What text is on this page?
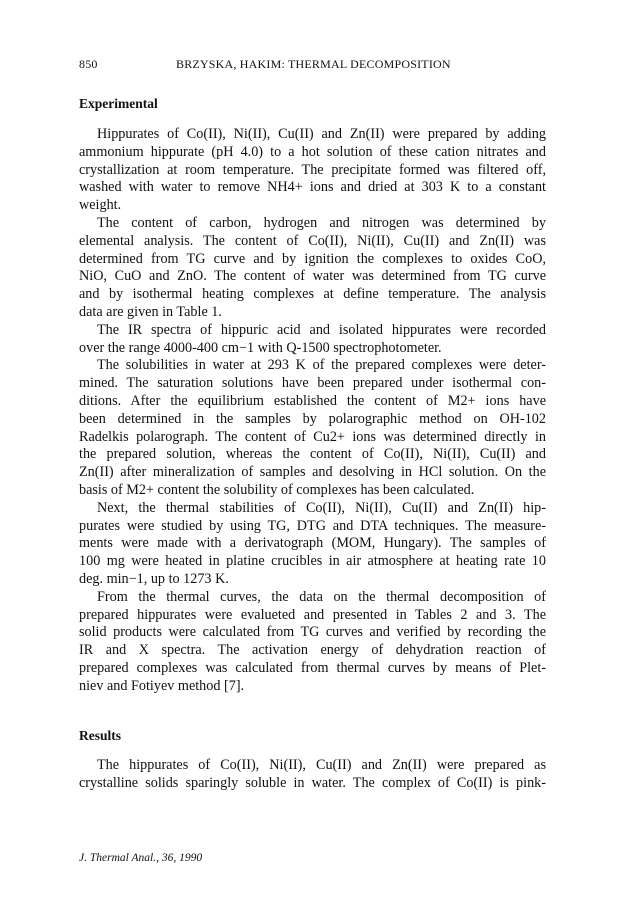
850	BRZYSKA, HAKIM: THERMAL DECOMPOSITION
Experimental
Hippurates of Co(II), Ni(II), Cu(II) and Zn(II) were prepared by adding
ammonium hippurate (pH 4.0) to a hot solution of these cation nitrates and
crystallization at room temperature. The precipitate formed was filtered off,
washed with water to remove NH4+ ions and dried at 303 K to a constant
weight.
The content of carbon, hydrogen and nitrogen was determined by
elemental analysis. The content of Co(II), Ni(II), Cu(II) and Zn(II) was
determined from TG curve and by ignition the complexes to oxides CoO,
NiO, CuO and ZnO. The content of water was determined from TG curve
and by isothermal heating complexes at define temperature. The analysis
data are given in Table 1.
The IR spectra of hippuric acid and isolated hippurates were recorded
over the range 4000-400 cm−1 with Q-1500 spectrophotometer.
The solubilities in water at 293 K of the prepared complexes were deter-
mined. The saturation solutions have been prepared under isothermal con-
ditions. After the equilibrium established the content of M2+ ions have
been determined in the samples by polarographic method on OH-102
Radelkis polarograph. The content of Cu2+ ions was determined directly in
the prepared solution, whereas the content of Co(II), Ni(II), Cu(II) and
Zn(II) after mineralization of samples and desolving in HCl solution. On the
basis of M2+ content the solubility of complexes has been calculated.
Next, the thermal stabilities of Co(II), Ni(II), Cu(II) and Zn(II) hip-
purates were studied by using TG, DTG and DTA techniques. The measure-
ments were made with a derivatograph (MOM, Hungary). The samples of
100 mg were heated in platine crucibles in air atmosphere at heating rate 10
deg. min−1, up to 1273 K.
From the thermal curves, the data on the thermal decomposition of
prepared hippurates were evalueted and presented in Tables 2 and 3. The
solid products were calculated from TG curves and verified by recording the
IR and X spectra. The activation energy of dehydration reaction of
prepared complexes was calculated from thermal curves by means of Plet-
niev and Fotiyev method [7].
Results
The hippurates of Co(II), Ni(II), Cu(II) and Zn(II) were prepared as
crystalline solids sparingly soluble in water. The complex of Co(II) is pink-
J. Thermal Anal., 36, 1990
